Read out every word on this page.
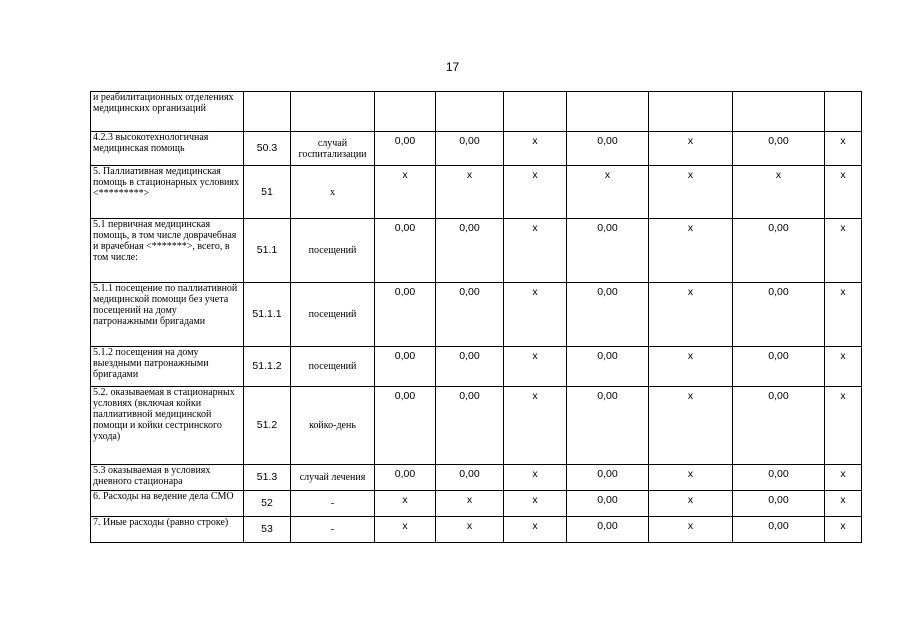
17
и реабилитационных отделениях медицинских организаций									
4.2.3 высокотехнологичная медицинская помощь	50.3	случай госпитализации	0,00	0,00	x	0,00	x	0,00	x
5. Паллиативная медицинская помощь в стационарных условиях <*********>	51	x	x	x	x	x	x	x	x
5.1 первичная медицинская помощь, в том числе доврачебная и врачебная <*******>, всего, в том числе:	51.1	посещений	0,00	0,00	x	0,00	x	0,00	x
5.1.1 посещение по паллиативной медицинской помощи без учета посещений на дому патронажными бригадами	51.1.1	посещений	0,00	0,00	x	0,00	x	0,00	x
5.1.2 посещения на дому выездными патронажными бригадами	51.1.2	посещений	0,00	0,00	x	0,00	x	0,00	x
5.2. оказываемая в стационарных условиях (включая койки паллиативной медицинской помощи и койки сестринского ухода)	51.2	койко-день	0,00	0,00	x	0,00	x	0,00	x
5.3 оказываемая в условиях дневного стационара	51.3	случай лечения	0,00	0,00	x	0,00	x	0,00	x
6. Расходы на ведение дела СМО	52	-	x	x	x	0,00	x	0,00	x
7. Иные расходы (равно строке)	53	-	x	x	x	0,00	x	0,00	x
